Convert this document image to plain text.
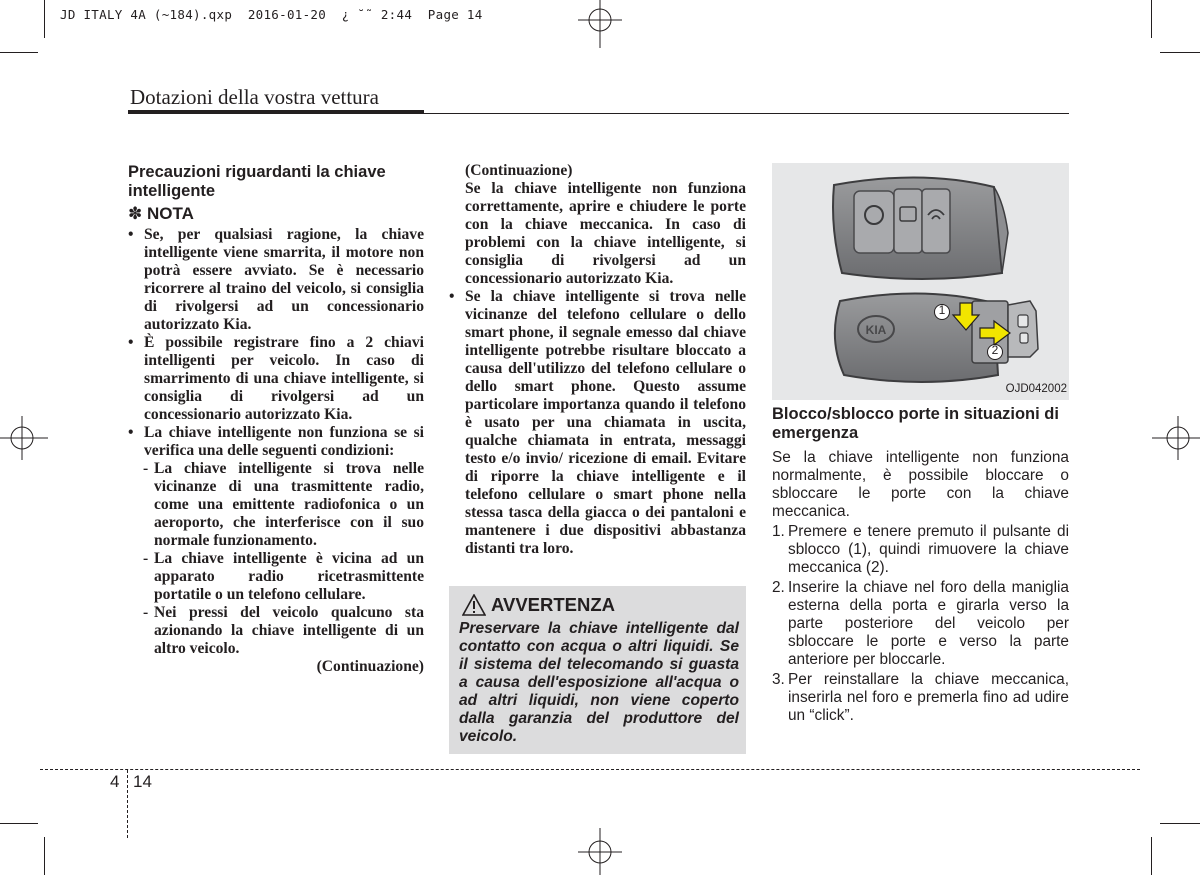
JD ITALY 4A (~184).qxp  2016-01-20  ¿ ˘˜ 2:44  Page 14
Dotazioni della vostra vettura
Precauzioni riguardanti la chiave intelligente
✽ NOTA
• Se, per qualsiasi ragione, la chiave intelligente viene smarrita, il motore non potrà essere avviato. Se è necessario ricorrere al traino del veicolo, si consiglia di rivolgersi ad un concessionario autorizzato Kia.
• È possibile registrare fino a 2 chiavi intelligenti per veicolo. In caso di smarrimento di una chiave intelligente, si consiglia di rivolgersi ad un concessionario autorizzato Kia.
• La chiave intelligente non funziona se si verifica una delle seguenti condizioni:
- La chiave intelligente si trova nelle vicinanze di una trasmittente radio, come una emittente radiofonica o un aeroporto, che interferisce con il suo normale funzionamento.
- La chiave intelligente è vicina ad un apparato radio ricetrasmittente portatile o un telefono cellulare.
- Nei pressi del veicolo qualcuno sta azionando la chiave intelligente di un altro veicolo.
(Continuazione)
(Continuazione)
Se la chiave intelligente non funziona correttamente, aprire e chiudere le porte con la chiave meccanica. In caso di problemi con la chiave intelligente, si consiglia di rivolgersi ad un concessionario autorizzato Kia.
• Se la chiave intelligente si trova nelle vicinanze del telefono cellulare o dello smart phone, il segnale emesso dal chiave intelligente potrebbe risultare bloccato a causa dell'utilizzo del telefono cellulare o dello smart phone. Questo assume particolare importanza quando il telefono è usato per una chiamata in uscita, qualche chiamata in entrata, messaggi testo e/o invio/ ricezione di email. Evitare di riporre la chiave intelligente e il telefono cellulare o smart phone nella stessa tasca della giacca o dei pantaloni e mantenere i due dispositivi abbastanza distanti tra loro.
AVVERTENZA
Preservare la chiave intelligente dal contatto con acqua o altri liquidi. Se il sistema del telecomando si guasta a causa dell'esposizione all'acqua o ad altri liquidi, non viene coperto dalla garanzia del produttore del veicolo.
KIA
1
2
OJD042002
Blocco/sblocco porte in situazioni di emergenza
Se la chiave intelligente non funziona normalmente, è possibile bloccare o sbloccare le porte con la chiave meccanica.
1. Premere e tenere premuto il pulsante di sblocco (1), quindi rimuovere la chiave meccanica (2).
2. Inserire la chiave nel foro della maniglia esterna della porta e girarla verso la parte posteriore del veicolo per sbloccare le porte e verso la parte anteriore per bloccarle.
3. Per reinstallare la chiave meccanica, inserirla nel foro e premerla fino ad udire un “click”.
4 14
